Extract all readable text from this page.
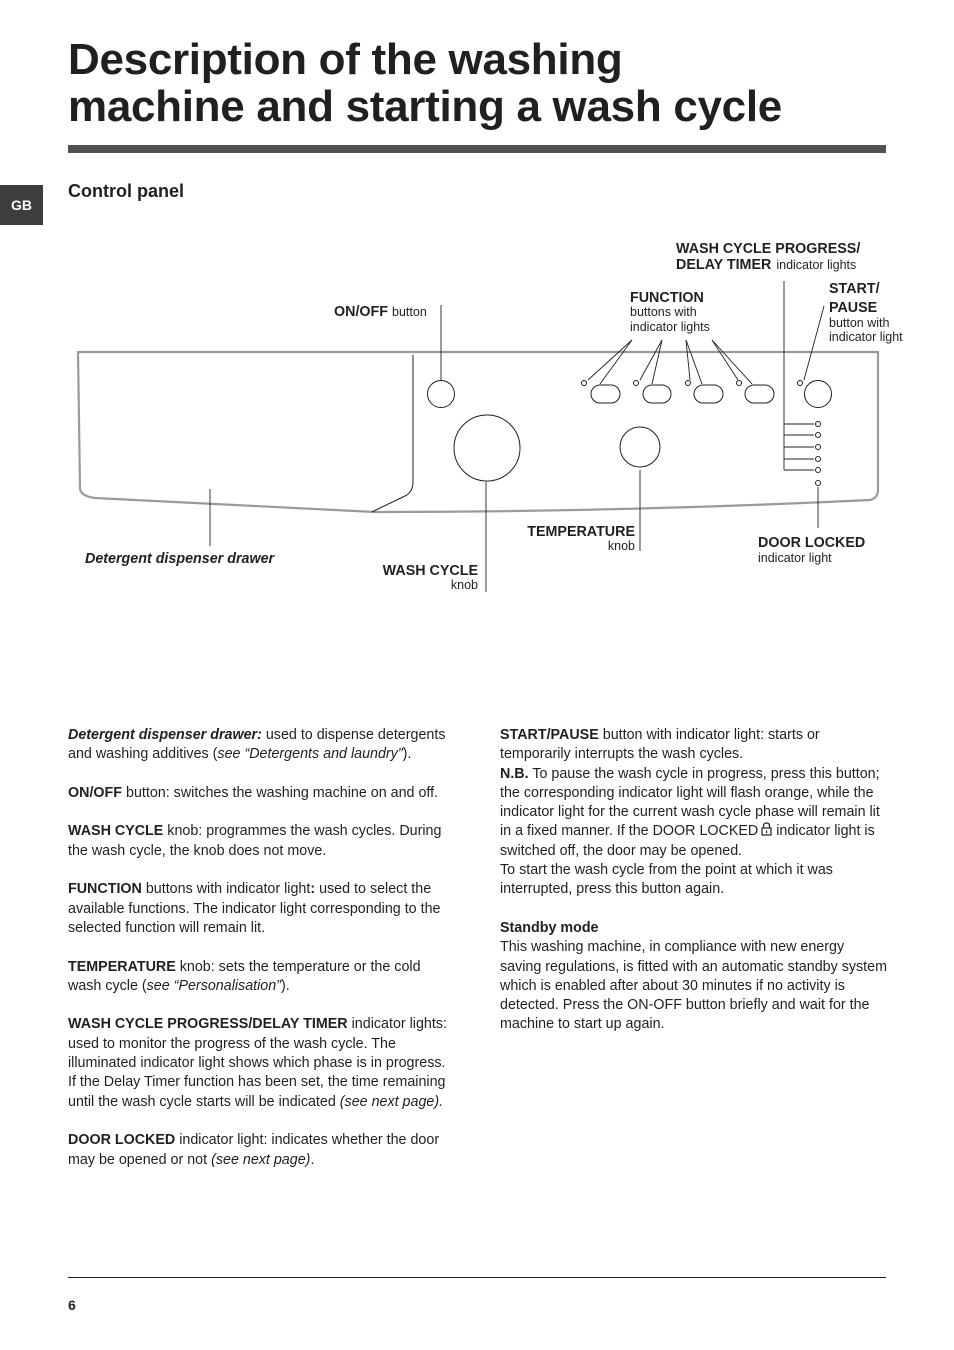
Description of the washing
machine and starting a wash cycle
GB
Control panel
WASH CYCLE PROGRESS/
DELAY TIMER indicator lights
ON/OFF button
FUNCTION
buttons with
indicator lights
START/
PAUSE
button with
indicator light
TEMPERATURE
knob	DOOR LOCKED
indicator light
Detergent dispenser drawer
WASH CYCLE
knob

Detergent dispenser drawer: used to dispense detergents and washing additives (see “Detergents and laundry”).

ON/OFF button: switches the washing machine on and off.

WASH CYCLE knob: programmes the wash cycles. During the wash cycle, the knob does not move.

FUNCTION buttons with indicator light: used to select the available functions. The indicator light corresponding to the selected function will remain lit.

TEMPERATURE knob: sets the temperature or the cold wash cycle (see “Personalisation”).

WASH CYCLE PROGRESS/DELAY TIMER indicator lights: used to monitor the progress of the wash cycle. The illuminated indicator light shows which phase is in progress.

If the Delay Timer function has been set, the time remaining until the wash cycle starts will be indicated (see next page).

DOOR LOCKED indicator light: indicates whether the door may be opened or not (see next page).

START/PAUSE button with indicator light: starts or temporarily interrupts the wash cycles.

N.B. To pause the wash cycle in progress, press this button; the corresponding indicator light will flash orange, while the indicator light for the current wash cycle phase will remain lit in a fixed manner. If the DOOR LOCKED indicator light is switched off, the door may be opened.

To start the wash cycle from the point at which it was interrupted, press this button again.

Standby mode

This washing machine, in compliance with new energy saving regulations, is fitted with an automatic standby system which is enabled after about 30 minutes if no activity is detected. Press the ON-OFF button briefly and wait for the machine to start up again.

6
